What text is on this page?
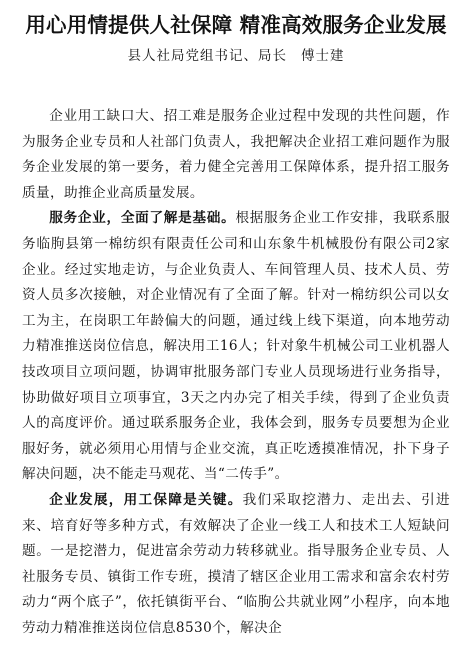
用心用情提供人社保障 精准高效服务企业发展
县人社局党组书记、局长 傅士建

企业用工缺口大、招工难是服务企业过程中发现的共性问题，作为服务企业专员和人社部门负责人，我把解决企业招工难问题作为服务企业发展的第一要务，着力健全完善用工保障体系，提升招工服务质量，助推企业高质量发展。

服务企业，全面了解是基础。根据服务企业工作安排，我联系服务临朐县第一棉纺织有限责任公司和山东象牛机械股份有限公司2家企业。经过实地走访，与企业负责人、车间管理人员、技术人员、劳资人员多次接触，对企业情况有了全面了解。针对一棉纺织公司以女工为主，在岗职工年龄偏大的问题，通过线上线下渠道，向本地劳动力精准推送岗位信息，解决用工16人；针对象牛机械公司工业机器人技改项目立项问题，协调审批服务部门专业人员现场进行业务指导，协助做好项目立项事宜，3天之内办完了相关手续，得到了企业负责人的高度评价。通过联系服务企业，我体会到，服务专员要想为企业服好务，就必须用心用情与企业交流，真正吃透摸准情况，扑下身子解决问题，决不能走马观花、当“二传手”。

企业发展，用工保障是关键。我们采取挖潜力、走出去、引进来、培育好等多种方式，有效解决了企业一线工人和技术工人短缺问题。一是挖潜力，促进富余劳动力转移就业。指导服务企业专员、人社服务专员、镇街工作专班，摸清了辖区企业用工需求和富余农村劳动力“两个底子”，依托镇街平台、“临朐公共就业网”小程序，向本地劳动力精准推送岗位信息8530个，解决企
